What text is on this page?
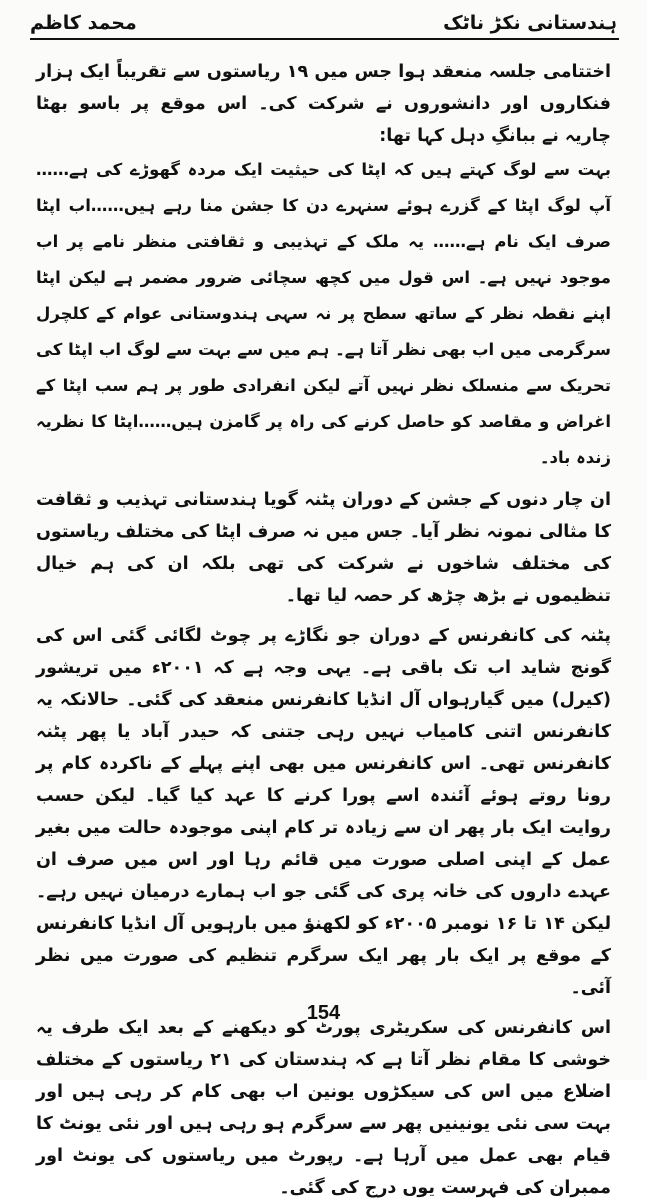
محمد کاظم	ہندستانی نکڑ ناٹک

اختتامی جلسہ منعقد ہوا جس میں ۱۹ ریاستوں سے تقریباً ایک ہزار فنکاروں اور دانشوروں نے شرکت کی۔ اس موقع پر باسو بھٹا چاریہ نے ببانگِ دہل کہا تھا:

بہت سے لوگ کہتے ہیں کہ اپٹا کی حیثیت ایک مردہ گھوڑے کی ہے…… آپ لوگ اپٹا کے گزرے ہوئے سنہرے دن کا جشن منا رہے ہیں……اب اپٹا صرف ایک نام ہے…… یہ ملک کے تہذیبی و ثقافتی منظر نامے پر اب موجود نہیں ہے۔ اس قول میں کچھ سچائی ضرور مضمر ہے لیکن اپٹا اپنے نقطہ نظر کے ساتھ سطح پر نہ سہی ہندوستانی عوام کے کلچرل سرگرمی میں اب بھی نظر آتا ہے۔ ہم میں سے بہت سے لوگ اب اپٹا کی تحریک سے منسلک نظر نہیں آتے لیکن انفرادی طور پر ہم سب اپٹا کے اغراض و مقاصد کو حاصل کرنے کی راہ پر گامزن ہیں……اپٹا کا نظریہ زندہ باد۔

ان چار دنوں کے جشن کے دوران پٹنہ گویا ہندستانی تہذیب و ثقافت کا مثالی نمونہ نظر آیا۔ جس میں نہ صرف اپٹا کی مختلف ریاستوں کی مختلف شاخوں نے شرکت کی تھی بلکہ ان کی ہم خیال تنظیموں نے بڑھ چڑھ کر حصہ لیا تھا۔

پٹنہ کی کانفرنس کے دوران جو نگاڑے پر چوٹ لگائی گئی اس کی گونج شاید اب تک باقی ہے۔ یہی وجہ ہے کہ ۲۰۰۱ء میں تریشور (کیرل) میں گیارہواں آل انڈیا کانفرنس منعقد کی گئی۔ حالانکہ یہ کانفرنس اتنی کامیاب نہیں رہی جتنی کہ حیدر آباد یا پھر پٹنہ کانفرنس تھی۔ اس کانفرنس میں بھی اپنے پہلے کے ناکردہ کام پر رونا روتے ہوئے آئندہ اسے پورا کرنے کا عہد کیا گیا۔ لیکن حسب روایت ایک بار پھر ان سے زیادہ تر کام اپنی موجودہ حالت میں بغیر عمل کے اپنی اصلی صورت میں قائم رہا اور اس میں صرف ان عہدے داروں کی خانہ پری کی گئی جو اب ہمارے درمیان نہیں رہے۔ لیکن ۱۴ تا ۱۶ نومبر ۲۰۰۵ء کو لکھنؤ میں بارہویں آل انڈیا کانفرنس کے موقع پر ایک بار پھر ایک سرگرم تنظیم کی صورت میں نظر آئی۔

اس کانفرنس کی سکریٹری پورٹ کو دیکھنے کے بعد ایک طرف یہ خوشی کا مقام نظر آتا ہے کہ ہندستان کی ۲۱ ریاستوں کے مختلف اضلاع میں اس کی سیکڑوں یونین اب بھی کام کر رہی ہیں اور بہت سی نئی یونینیں پھر سے سرگرم ہو رہی ہیں اور نئی یونٹ کا قیام بھی عمل میں آرہا ہے۔ رپورٹ میں ریاستوں کی یونٹ اور ممبران کی فہرست یوں درج کی گئی۔

154
